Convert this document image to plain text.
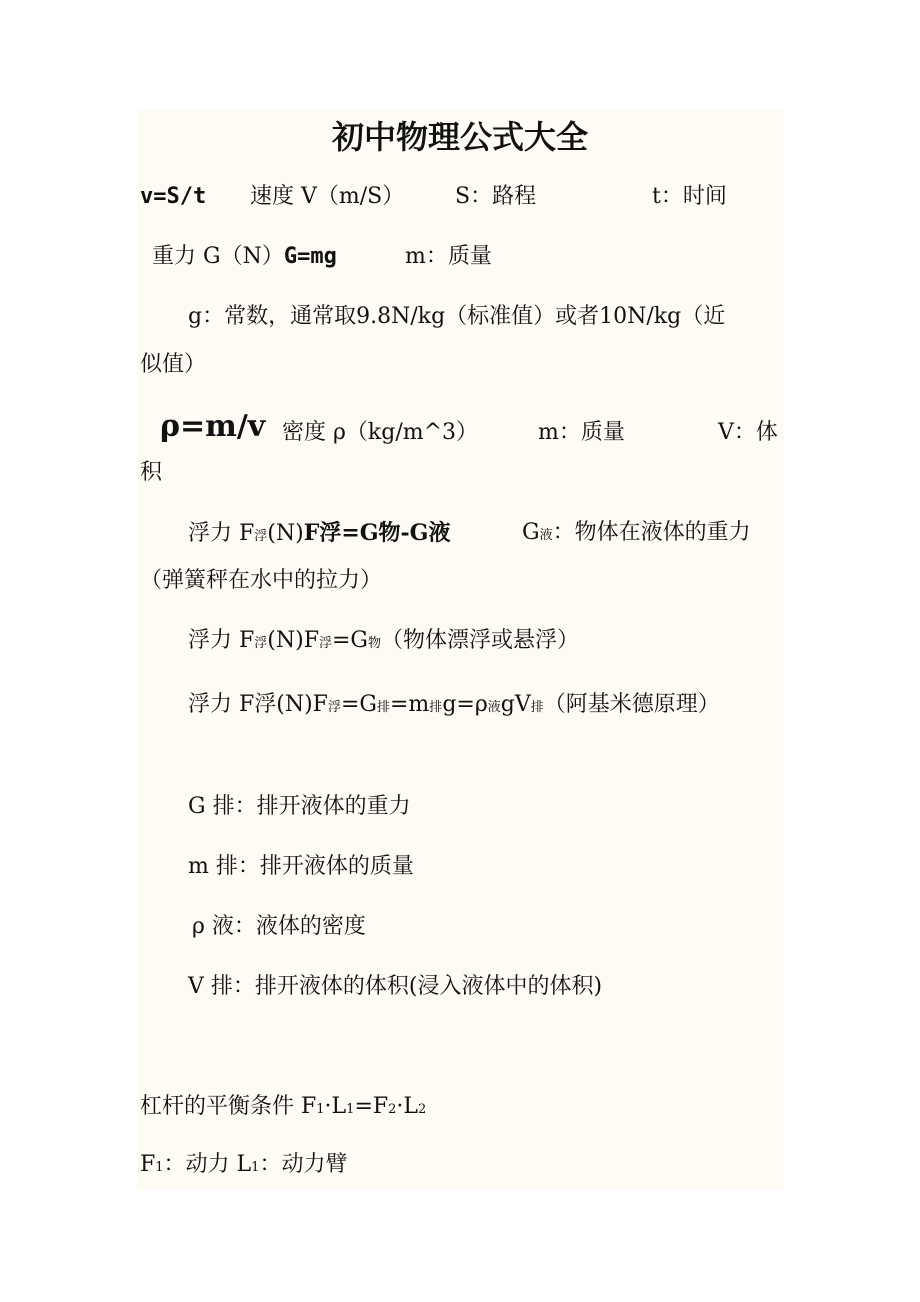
初中物理公式大全
v=S/t 速度 V（m/S） S：路程	t：时间
重力 G（N）G=mg	m：质量
g：常数，通常取9.8N/kg（标准值）或者10N/kg（近
似值）
ρ=m/v 密度 ρ（kg/m^3）	m：质量	V：体
积
浮力 F浮(N)F浮=G物-G液	G液：物体在液体的重力
（弹簧秤在水中的拉力）
浮力 F浮(N)F浮=G物（物体漂浮或悬浮）
浮力 F浮(N)F浮=G排=m排g=ρ液gV排（阿基米德原理）
G 排：排开液体的重力
m 排：排开液体的质量
ρ 液：液体的密度
V 排：排开液体的体积(浸入液体中的体积)
杠杆的平衡条件 F1·L1=F2·L2
F1：动力 L1：动力臂
